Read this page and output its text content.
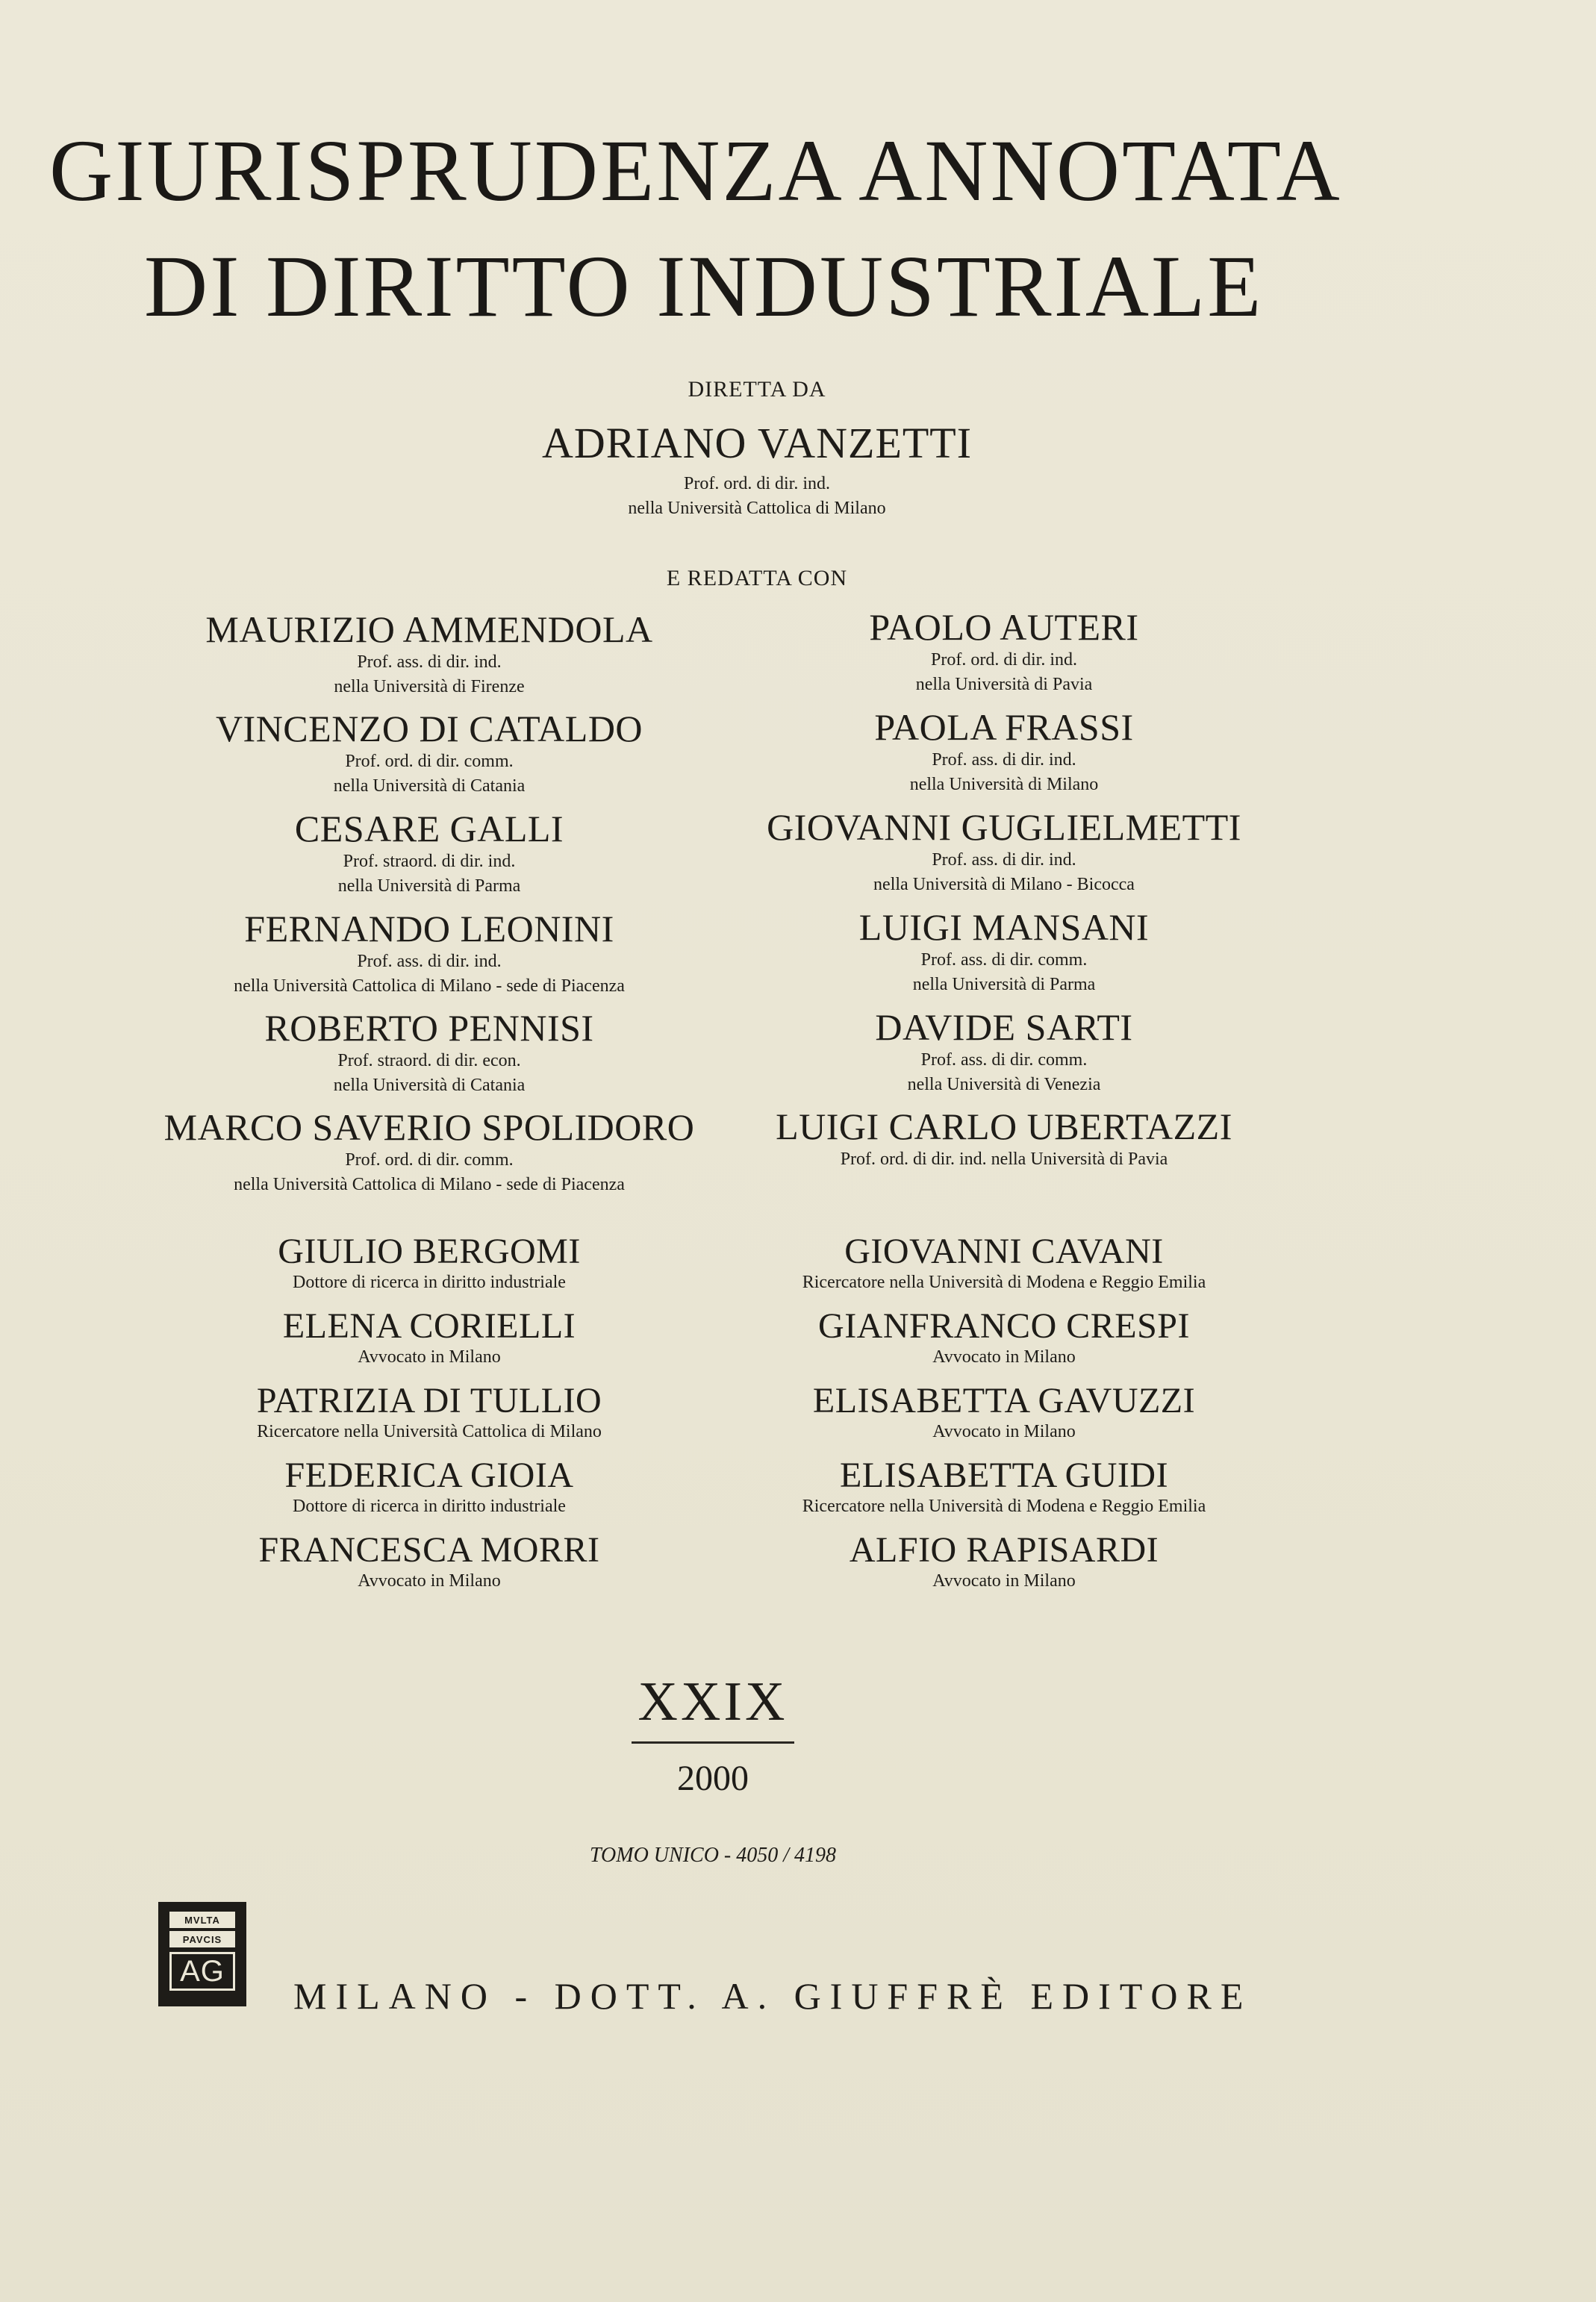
GIURISPRUDENZA ANNOTATA
DI DIRITTO INDUSTRIALE
DIRETTA DA
ADRIANO VANZETTI
Prof. ord. di dir. ind.
nella Università Cattolica di Milano
E REDATTA CON
MAURIZIO AMMENDOLA
Prof. ass. di dir. ind.
nella Università di Firenze
VINCENZO DI CATALDO
Prof. ord. di dir. comm.
nella Università di Catania
CESARE GALLI
Prof. straord. di dir. ind.
nella Università di Parma
FERNANDO LEONINI
Prof. ass. di dir. ind.
nella Università Cattolica di Milano - sede di Piacenza
ROBERTO PENNISI
Prof. straord. di dir. econ.
nella Università di Catania
MARCO SAVERIO SPOLIDORO
Prof. ord. di dir. comm.
nella Università Cattolica di Milano - sede di Piacenza
PAOLO AUTERI
Prof. ord. di dir. ind.
nella Università di Pavia
PAOLA FRASSI
Prof. ass. di dir. ind.
nella Università di Milano
GIOVANNI GUGLIELMETTI
Prof. ass. di dir. ind.
nella Università di Milano - Bicocca
LUIGI MANSANI
Prof. ass. di dir. comm.
nella Università di Parma
DAVIDE SARTI
Prof. ass. di dir. comm.
nella Università di Venezia
LUIGI CARLO UBERTAZZI
Prof. ord. di dir. ind. nella Università di Pavia
GIULIO BERGOMI
Dottore di ricerca in diritto industriale
ELENA CORIELLI
Avvocato in Milano
PATRIZIA DI TULLIO
Ricercatore nella Università Cattolica di Milano
FEDERICA GIOIA
Dottore di ricerca in diritto industriale
FRANCESCA MORRI
Avvocato in Milano
GIOVANNI CAVANI
Ricercatore nella Università di Modena e Reggio Emilia
GIANFRANCO CRESPI
Avvocato in Milano
ELISABETTA GAVUZZI
Avvocato in Milano
ELISABETTA GUIDI
Ricercatore nella Università di Modena e Reggio Emilia
ALFIO RAPISARDI
Avvocato in Milano
XXIX
2000
TOMO UNICO - 4050 / 4198
MVLTA
PAVCIS
AG
MILANO - DOTT. A. GIUFFRÈ EDITORE
